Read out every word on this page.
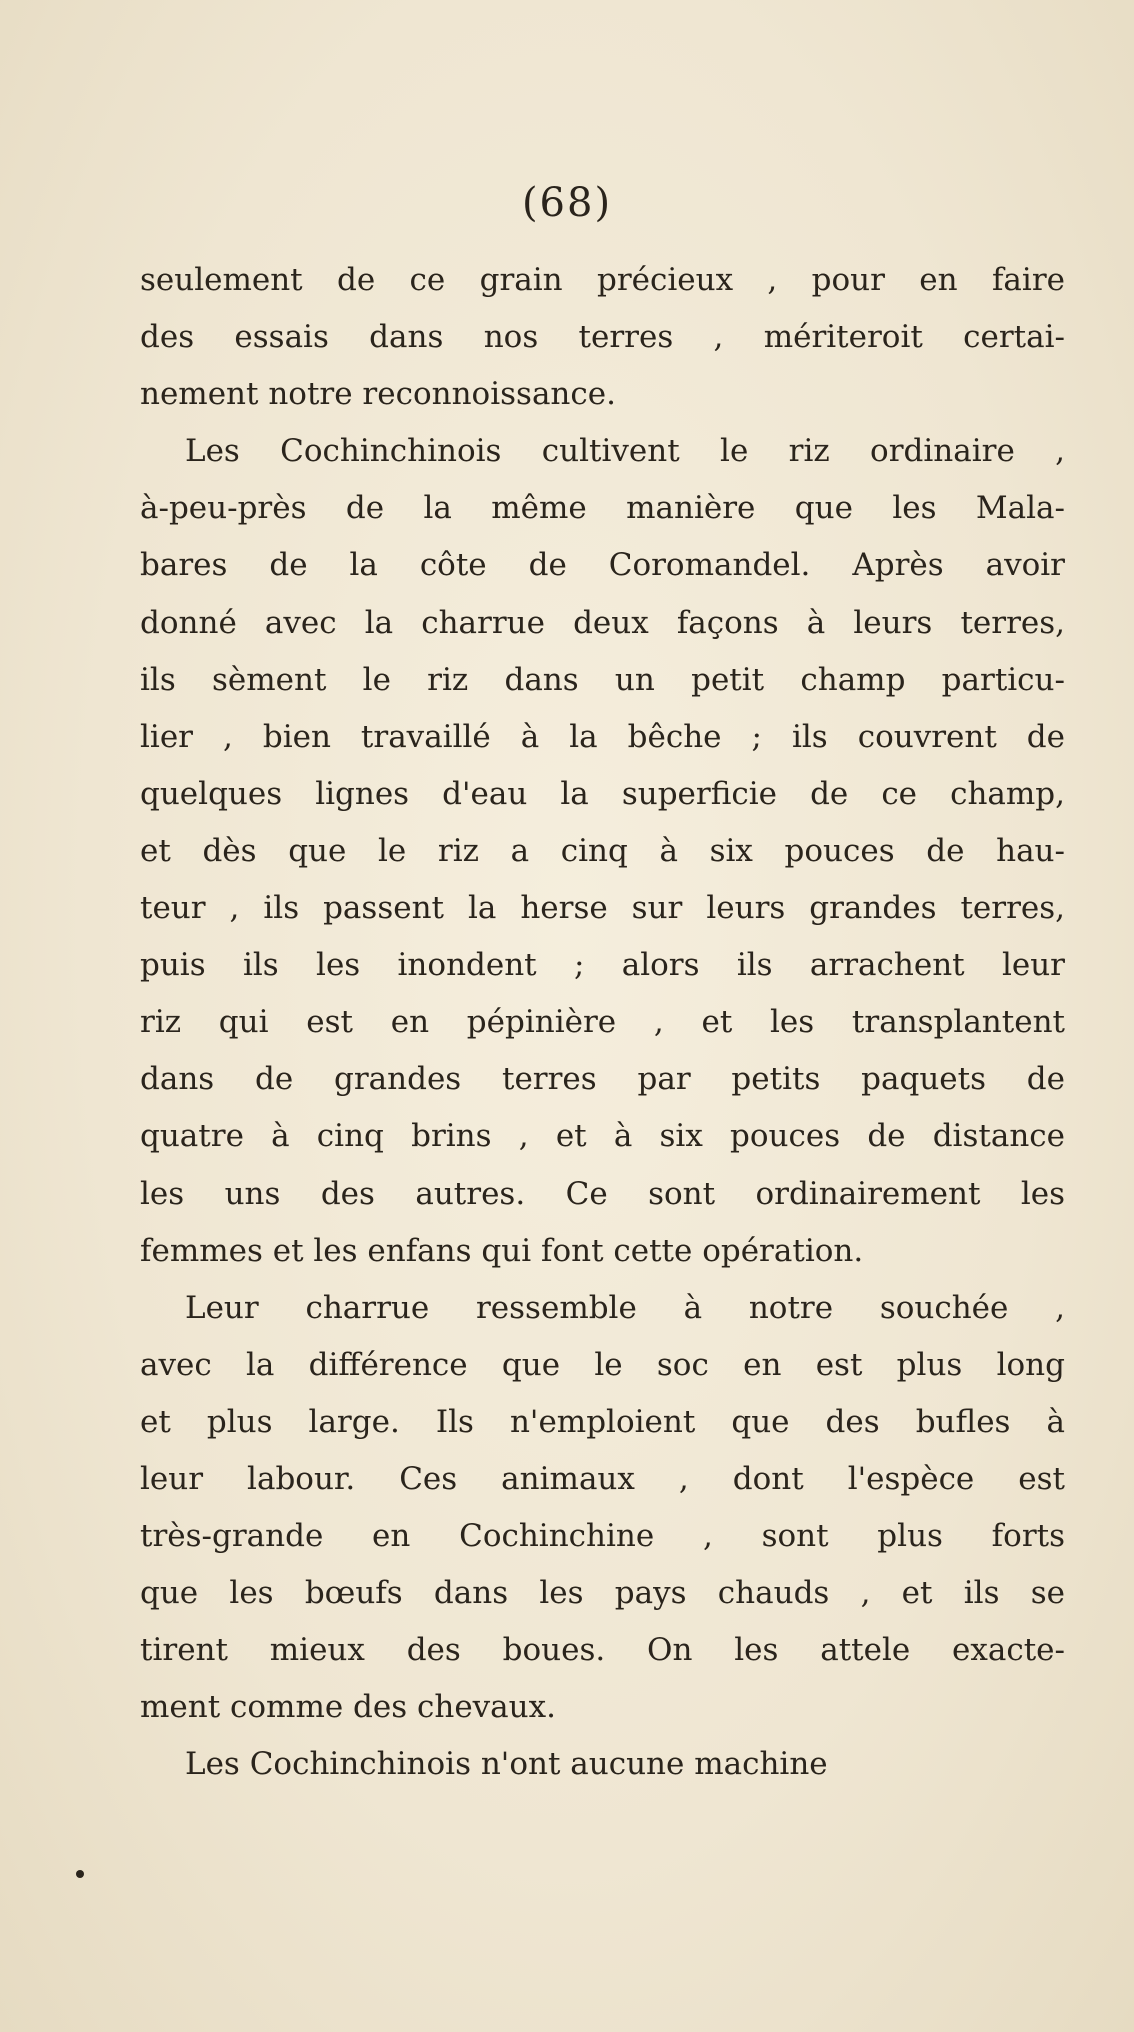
(68)
seulement de ce grain précieux , pour en faire
des essais dans nos terres , mériteroit certai-
nement notre reconnoissance.
Les Cochinchinois cultivent le riz ordinaire ,
à-peu-près de la même manière que les Mala-
bares de la côte de Coromandel. Après avoir
donné avec la charrue deux façons à leurs terres,
ils sèment le riz dans un petit champ particu-
lier , bien travaillé à la bêche ; ils couvrent de
quelques lignes d'eau la superficie de ce champ,
et dès que le riz a cinq à six pouces de hau-
teur , ils passent la herse sur leurs grandes terres,
puis ils les inondent ; alors ils arrachent leur
riz qui est en pépinière , et les transplantent
dans de grandes terres par petits paquets de
quatre à cinq brins , et à six pouces de distance
les uns des autres. Ce sont ordinairement les
femmes et les enfans qui font cette opération.
Leur charrue ressemble à notre souchée ,
avec la différence que le soc en est plus long
et plus large. Ils n'emploient que des bufles à
leur labour. Ces animaux , dont l'espèce est
très-grande en Cochinchine , sont plus forts
que les bœufs dans les pays chauds , et ils se
tirent mieux des boues. On les attele exacte-
ment comme des chevaux.
Les Cochinchinois n'ont aucune machine
